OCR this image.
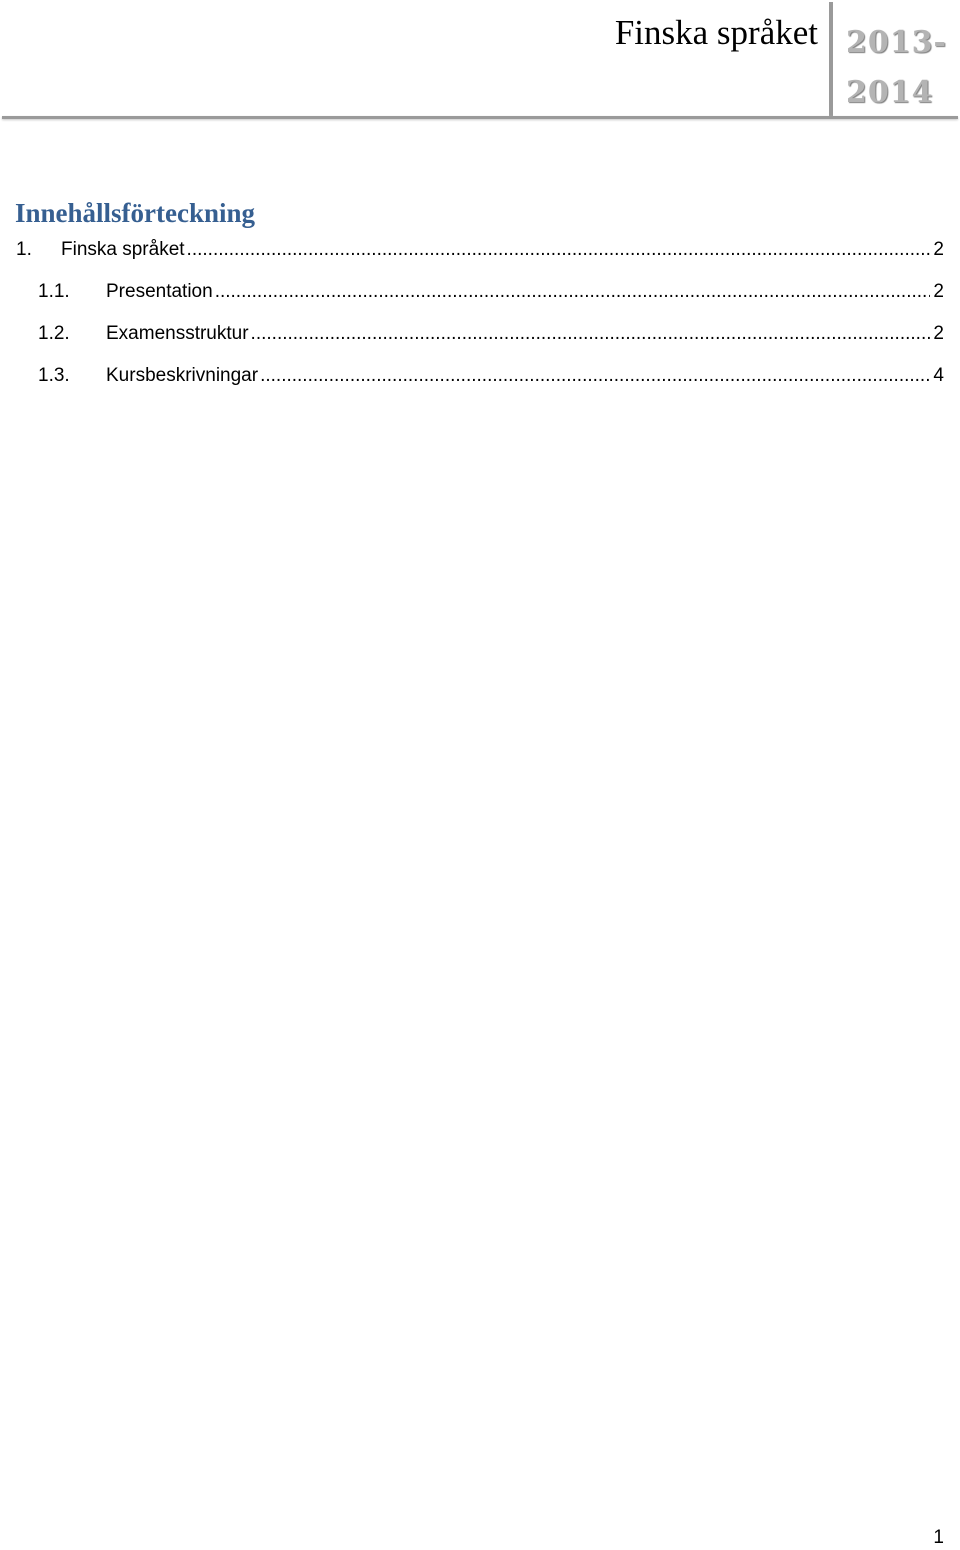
Finska språket 2013-2014
Innehållsförteckning
1.	Finska språket .....	2
1.1.	Presentation .....	2
1.2.	Examensstruktur .....	2
1.3.	Kursbeskrivningar .....	4
1
